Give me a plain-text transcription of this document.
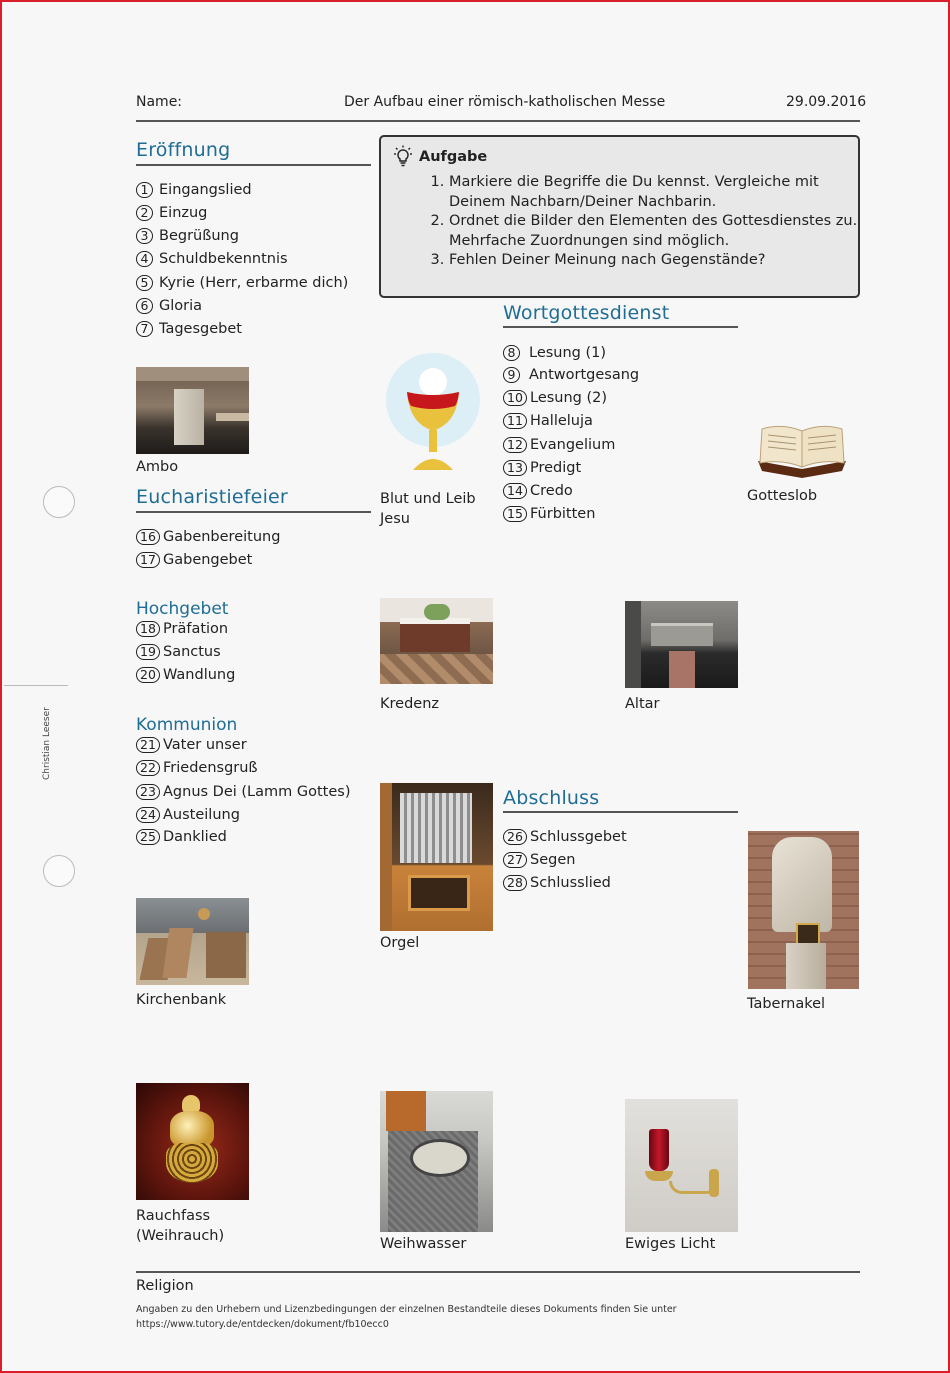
Name:	Der Aufbau einer römisch-katholischen Messe	29.09.2016
Christian Leeser
Eröffnung
1 Eingangslied
2 Einzug
3 Begrüßung
4 Schuldbekenntnis
5 Kyrie (Herr, erbarme dich)
6 Gloria
7 Tagesgebet
Aufgabe
1. Markiere die Begriffe die Du kennst. Vergleiche mit Deinem Nachbarn/Deiner Nachbarin.
2. Ordnet die Bilder den Elementen des Gottesdienstes zu. Mehrfache Zuordnungen sind möglich.
3. Fehlen Deiner Meinung nach Gegenstände?
Wortgottesdienst
8 Lesung (1)
9 Antwortgesang
10 Lesung (2)
11 Halleluja
12 Evangelium
13 Predigt
14 Credo
15 Fürbitten
Ambo
Blut und Leib
Jesu
Gotteslob
Eucharistiefeier
16 Gabenbereitung
17 Gabengebet
Hochgebet
18 Präfation
19 Sanctus
20 Wandlung
Kredenz	Altar
Kommunion
21 Vater unser
22 Friedensgruß
23 Agnus Dei (Lamm Gottes)
24 Austeilung
25 Danklied
Orgel
Abschluss
26 Schlussgebet
27 Segen
28 Schlusslied
Tabernakel
Kirchenbank
Rauchfass
(Weihrauch)	Weihwasser	Ewiges Licht
Religion
Angaben zu den Urhebern und Lizenzbedingungen der einzelnen Bestandteile dieses Dokuments finden Sie unter
https://www.tutory.de/entdecken/dokument/fb10ecc0
